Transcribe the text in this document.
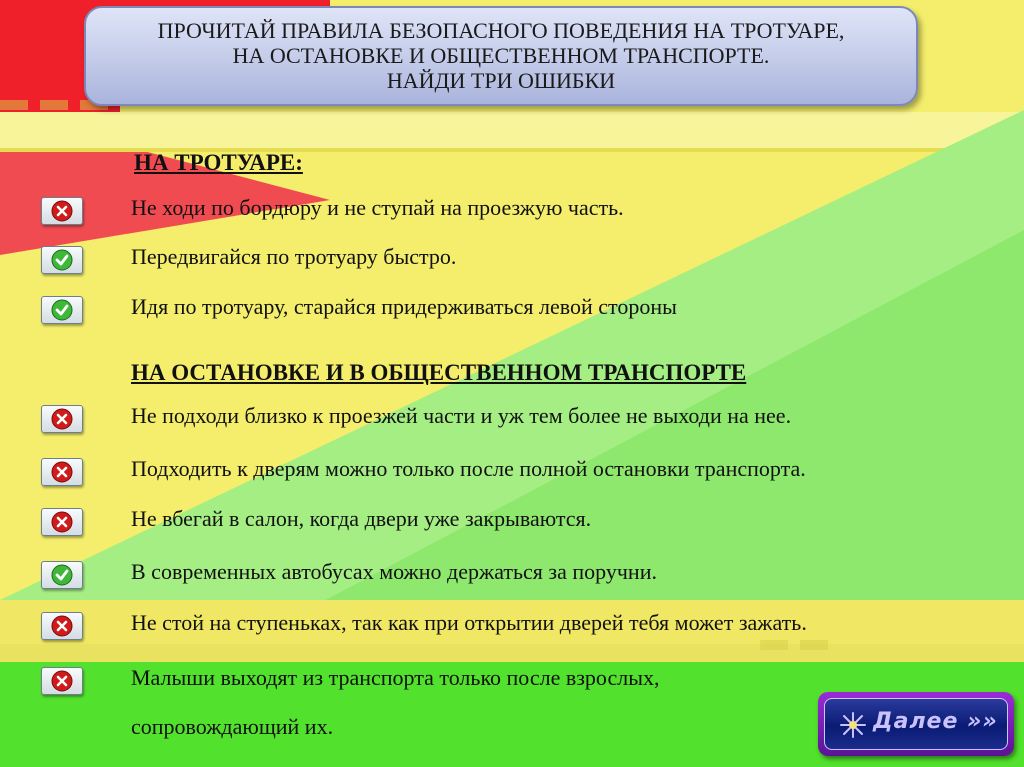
ПРОЧИТАЙ ПРАВИЛА БЕЗОПАСНОГО ПОВЕДЕНИЯ НА ТРОТУАРЕ,
НА ОСТАНОВКЕ И ОБЩЕСТВЕННОМ ТРАНСПОРТЕ.
НАЙДИ ТРИ ОШИБКИ
НА ТРОТУАРЕ:
Не ходи по бордюру и не ступай на проезжую часть.
Передвигайся по тротуару быстро.
Идя по тротуару, старайся придерживаться левой стороны
НА ОСТАНОВКЕ И В ОБЩЕСТВЕННОМ ТРАНСПОРТЕ
Не подходи близко к проезжей части и уж тем более не выходи на нее.
Подходить к дверям можно только после полной остановки транспорта.
Не вбегай в салон, когда двери уже закрываются.
В современных автобусах можно держаться за поручни.
Не стой на ступеньках, так как при открытии дверей тебя может зажать.
Малыши выходят из транспорта только после взрослых,
сопровождающий их.	Далее »»
